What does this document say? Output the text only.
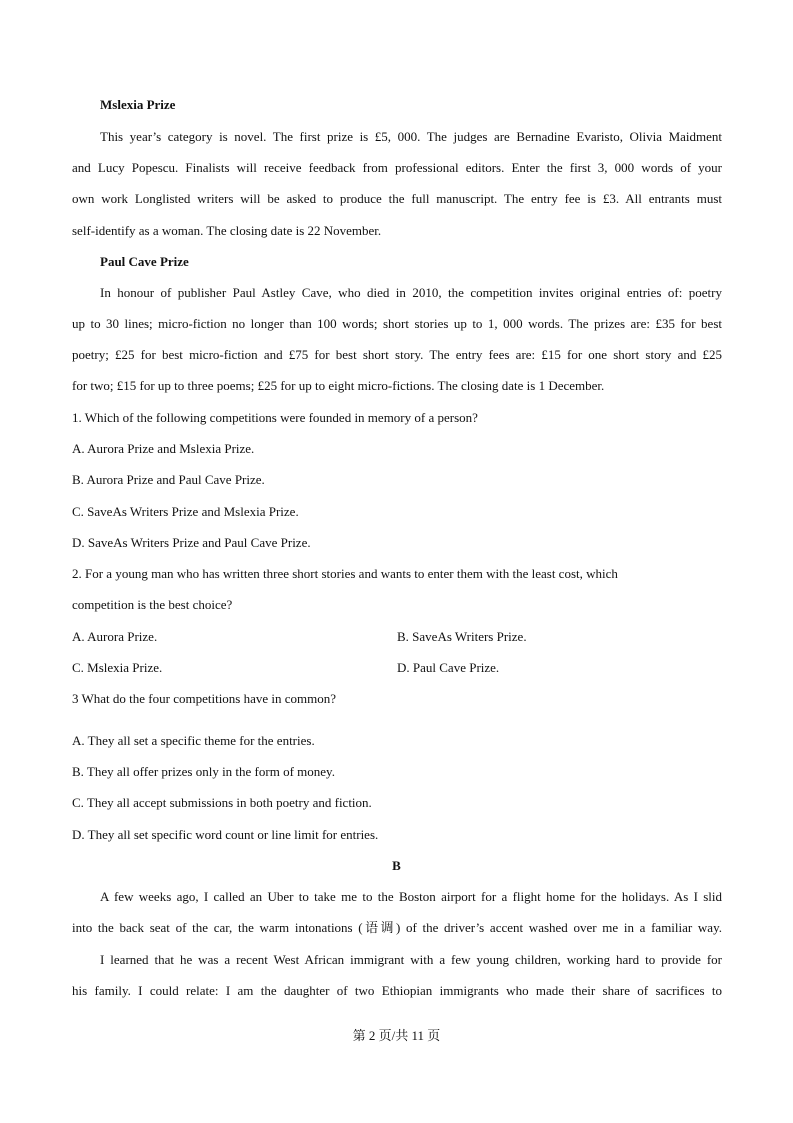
Mslexia Prize
This year’s category is novel. The first prize is £5, 000. The judges are Bernadine Evaristo, Olivia Maidment
and Lucy Popescu. Finalists will receive feedback from professional editors. Enter the first 3, 000 words of your
own work Longlisted writers will be asked to produce the full manuscript. The entry fee is £3. All entrants must
self-identify as a woman. The closing date is 22 November.
Paul Cave Prize
In honour of publisher Paul Astley Cave, who died in 2010, the competition invites original entries of: poetry
up to 30 lines; micro-fiction no longer than 100 words; short stories up to 1, 000 words. The prizes are: £35 for best
poetry; £25 for best micro-fiction and £75 for best short story. The entry fees are: £15 for one short story and £25
for two; £15 for up to three poems; £25 for up to eight micro-fictions. The closing date is 1 December.
1. Which of the following competitions were founded in memory of a person?
A. Aurora Prize and Mslexia Prize.
B. Aurora Prize and Paul Cave Prize.
C. SaveAs Writers Prize and Mslexia Prize.
D. SaveAs Writers Prize and Paul Cave Prize.
2. For a young man who has written three short stories and wants to enter them with the least cost, which
competition is the best choice?
A. Aurora Prize.	B. SaveAs Writers Prize.
C. Mslexia Prize.	D. Paul Cave Prize.
3 What do the four competitions have in common?
A. They all set a specific theme for the entries.
B. They all offer prizes only in the form of money.
C. They all accept submissions in both poetry and fiction.
D. They all set specific word count or line limit for entries.
B
A few weeks ago, I called an Uber to take me to the Boston airport for a flight home for the holidays. As I slid
into the back seat of the car, the warm intonations (语调) of the driver’s accent washed over me in a familiar way.
I learned that he was a recent West African immigrant with a few young children, working hard to provide for
his family. I could relate: I am the daughter of two Ethiopian immigrants who made their share of sacrifices to
第 2 页/共 11 页
